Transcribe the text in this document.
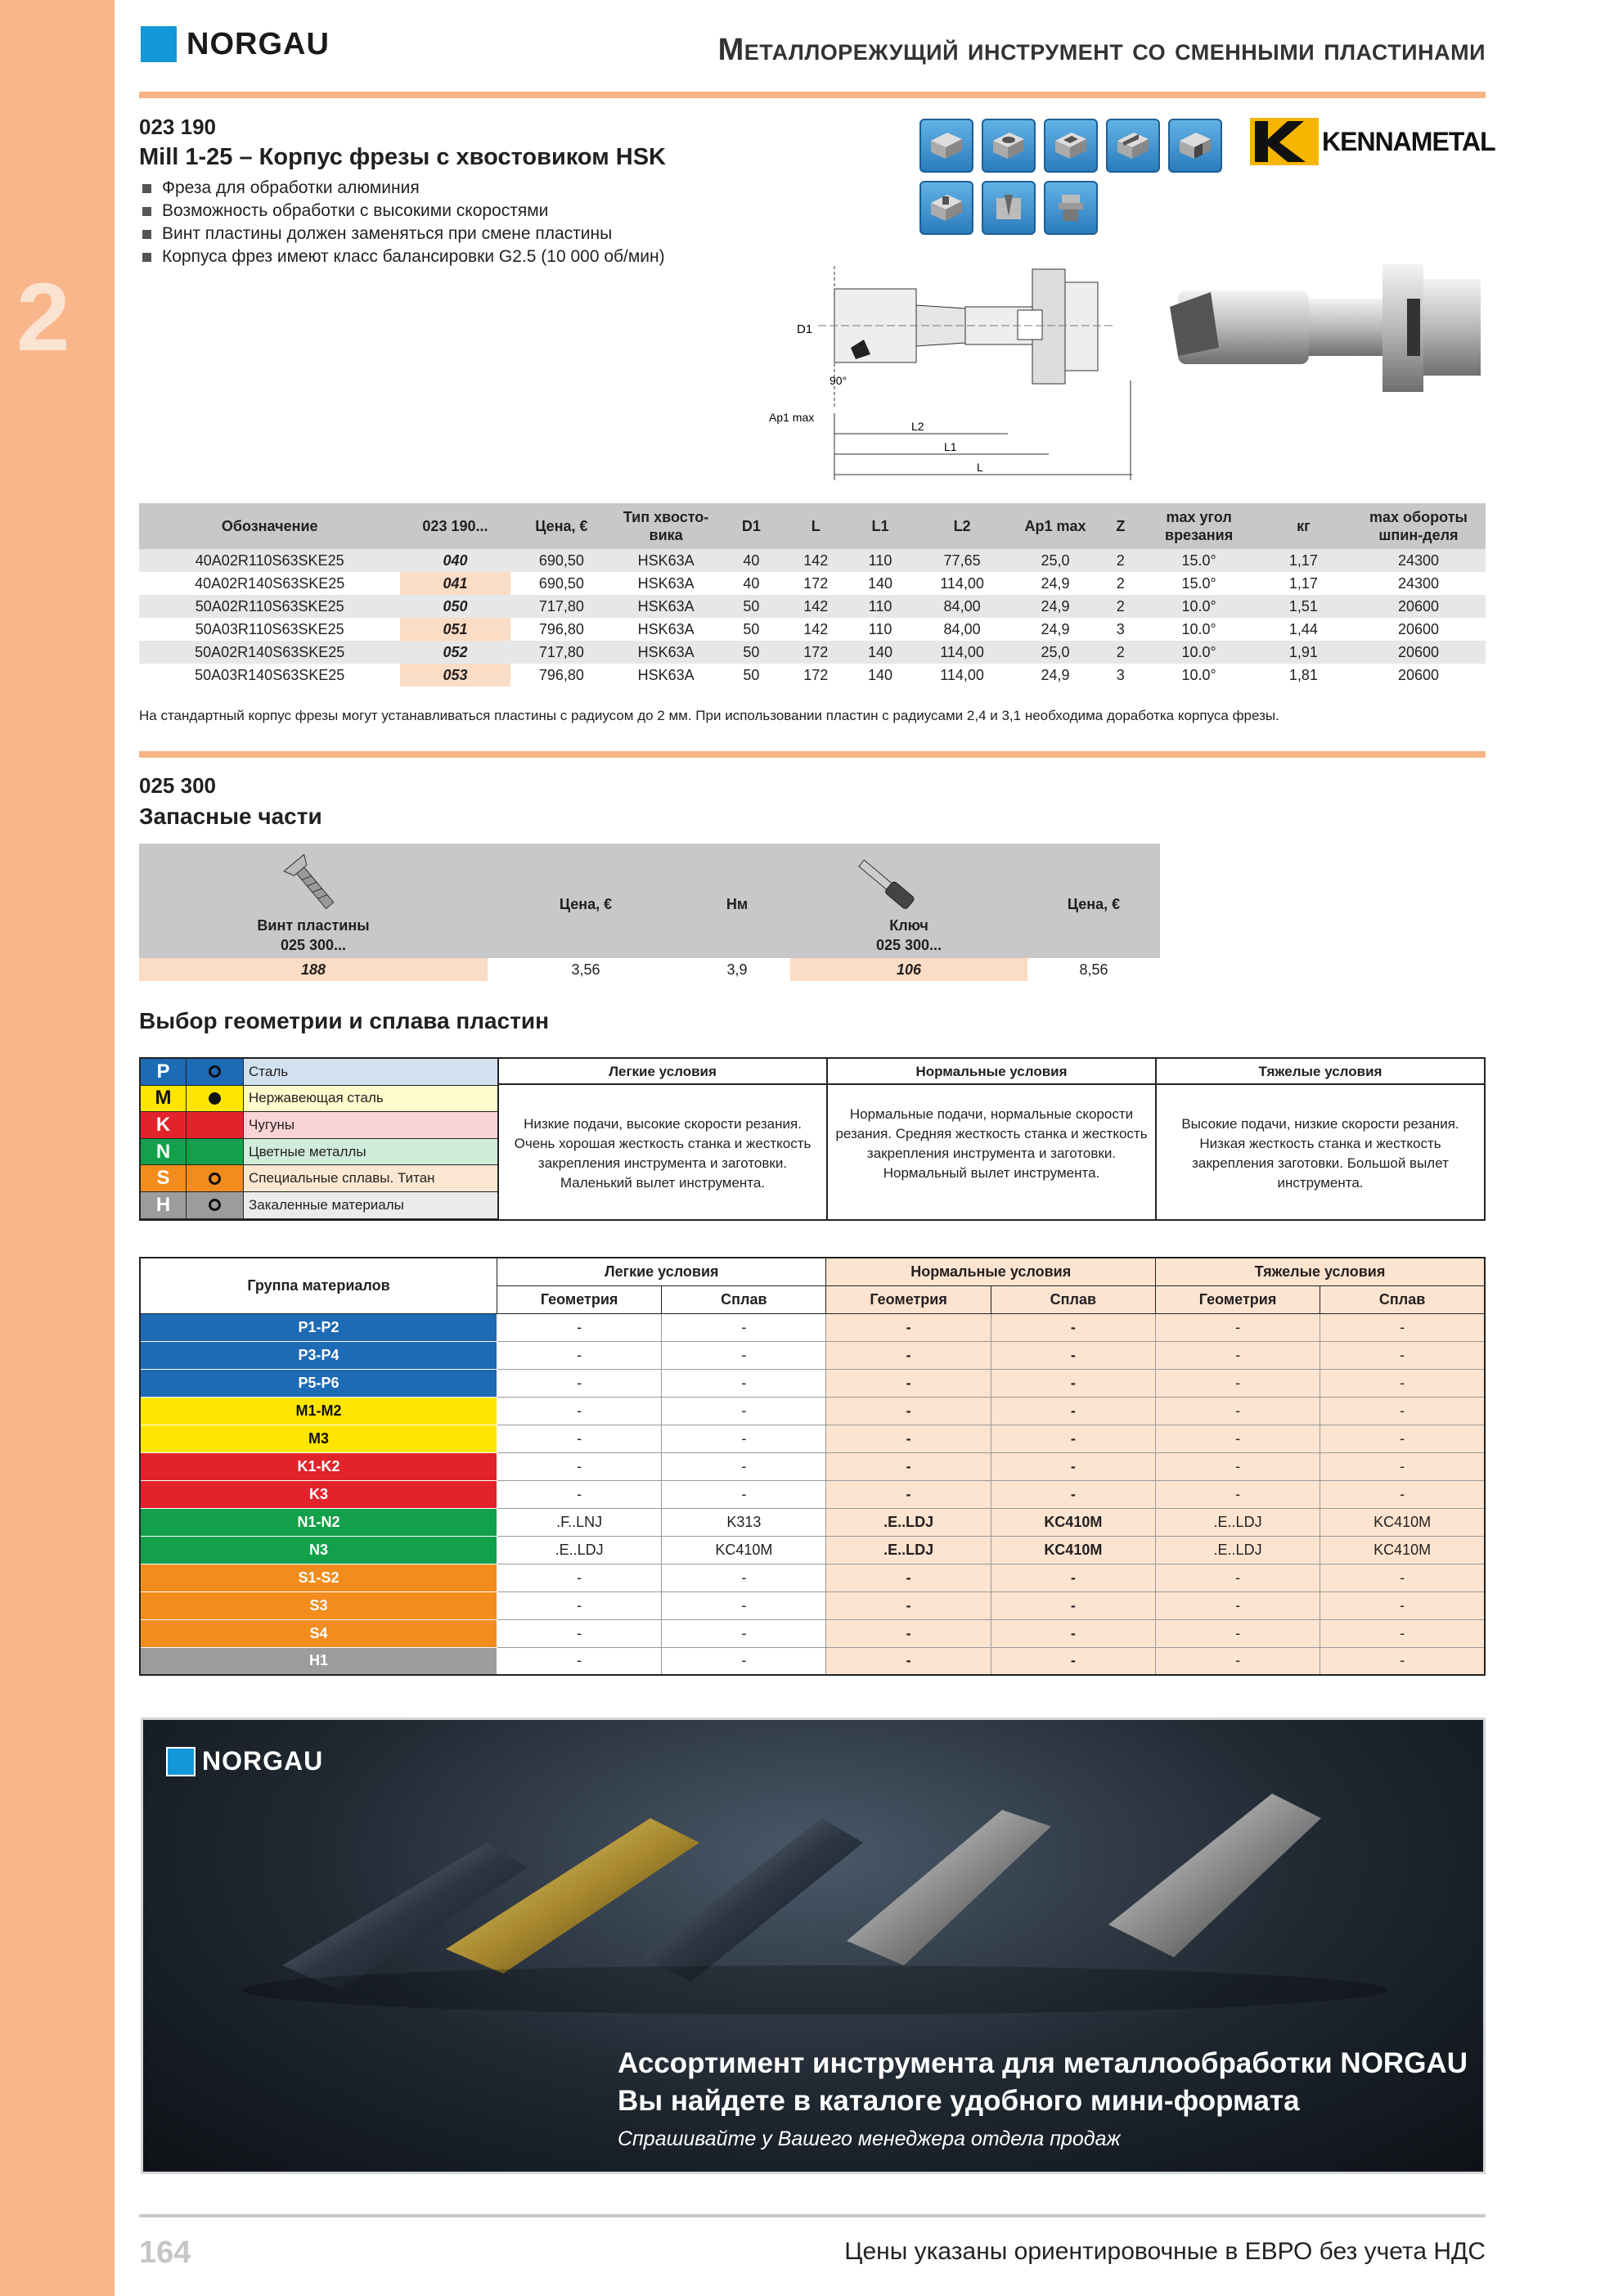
2
NORGAU	Металлорежущий инструмент со сменными пластинами
023 190
Mill 1-25 – Корпус фрезы с хвостовиком HSK
Фреза для обработки алюминия
Возможность обработки с высокими скоростями
Винт пластины должен заменяться при смене пластины
Корпуса фрез имеют класс балансировки G2.5 (10 000 об/мин)
KENNAMETAL
D1
90°
Ap1 max
L2
L1
L
Обозначение	023 190...	Цена, €	Тип хвосто-вика	D1	L	L1	L2	Ap1 max	Z	max угол врезания	кг	max обороты шпин-деля
40A02R110S63SKE25	040	690,50	HSK63A	40	142	110	77,65	25,0	2	15.0°	1,17	24300
40A02R140S63SKE25	041	690,50	HSK63A	40	172	140	114,00	24,9	2	15.0°	1,17	24300
50A02R110S63SKE25	050	717,80	HSK63A	50	142	110	84,00	24,9	2	10.0°	1,51	20600
50A03R110S63SKE25	051	796,80	HSK63A	50	142	110	84,00	24,9	3	10.0°	1,44	20600
50A02R140S63SKE25	052	717,80	HSK63A	50	172	140	114,00	25,0	2	10.0°	1,91	20600
50A03R140S63SKE25	053	796,80	HSK63A	50	172	140	114,00	24,9	3	10.0°	1,81	20600
На стандартный корпус фрезы могут устанавливаться пластины с радиусом до 2 мм. При использовании пластин с радиусами 2,4 и 3,1 необходима доработка корпуса фрезы.
025 300
Запасные части
Винт пластины
025 300...
Цена, €	Нм
Ключ
025 300...
Цена, €
188	3,56	3,9	106	8,56
Выбор геометрии и сплава пластин
P	Сталь
M	Нержавеющая сталь
K	Чугуны
N	Цветные металлы
S	Специальные сплавы. Титан
H	Закаленные материалы
Легкие условия	Нормальные условия	Тяжелые условия
Низкие подачи, высокие скорости резания. Очень хорошая жесткость станка и жесткость закрепления инструмента и заготовки. Маленький вылет инструмента.
Нормальные подачи, нормальные скорости резания. Средняя жесткость станка и жесткость закрепления инструмента и заготовки. Нормальный вылет инструмента.
Высокие подачи, низкие скорости резания. Низкая жесткость станка и жесткость закрепления заготовки. Большой вылет инструмента.
Группа материалов	Легкие условия		Нормальные условия		Тяжелые условия	
	Геометрия	Сплав	Геометрия	Сплав	Геометрия	Сплав
P1-P2	-	-	-	-	-	-
P3-P4	-	-	-	-	-	-
P5-P6	-	-	-	-	-	-
M1-M2	-	-	-	-	-	-
M3	-	-	-	-	-	-
K1-K2	-	-	-	-	-	-
K3	-	-	-	-	-	-
N1-N2	.F..LNJ	K313	.E..LDJ	KC410M	.E..LDJ	KC410M
N3	.E..LDJ	KC410M	.E..LDJ	KC410M	.E..LDJ	KC410M
S1-S2	-	-	-	-	-	-
S3	-	-	-	-	-	-
S4	-	-	-	-	-	-
H1	-	-	-	-	-	-
NORGAU
Ассортимент инструмента для металлообработки NORGAU
Вы найдете в каталоге удобного мини-формата
Спрашивайте у Вашего менеджера отдела продаж
164	Цены указаны ориентировочные в ЕВРО без учета НДС
